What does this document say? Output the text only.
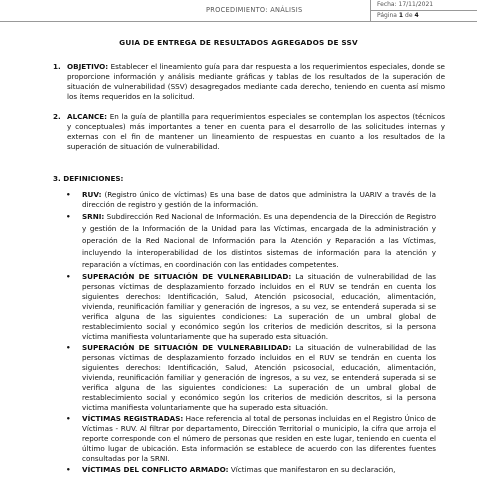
PROCEDIMIENTO: ANÁLISIS
Fecha: 17/11/2021
Página 1 de 4
GUIA DE ENTREGA DE RESULTADOS AGREGADOS DE SSV
1. OBJETIVO: Establecer el lineamiento guía para dar respuesta a los requerimientos especiales, donde se proporcione información y análisis mediante gráficas y tablas de los resultados de la superación de situación de vulnerabilidad (SSV) desagregados mediante cada derecho, teniendo en cuenta así mismo los ítems requeridos en la solicitud.
2. ALCANCE: En la guía de plantilla para requerimientos especiales se contemplan los aspectos (técnicos y conceptuales) más importantes a tener en cuenta para el desarrollo de las solicitudes internas y externas con el fin de mantener un lineamiento de respuestas en cuanto a los resultados de la superación de situación de vulnerabilidad.
3. DEFINICIONES:
• RUV: (Registro único de víctimas) Es una base de datos que administra la UARIV a través de la dirección de registro y gestión de la información.
• SRNI: Subdirección Red Nacional de Información. Es una dependencia de la Dirección de Registro y gestión de la Información de la Unidad para las Víctimas, encargada de la administración y operación de la Red Nacional de Información para la Atención y Reparación a las Víctimas, incluyendo la interoperabilidad de los distintos sistemas de información para la atención y reparación a víctimas, en coordinación con las entidades competentes.
• SUPERACIÓN DE SITUACIÓN DE VULNERABILIDAD: La situación de vulnerabilidad de las personas víctimas de desplazamiento forzado incluidos en el RUV se tendrán en cuenta los siguientes derechos: Identificación, Salud, Atención psicosocial, educación, alimentación, vivienda, reunificación familiar y generación de ingresos, a su vez, se entenderá superada si se verifica alguna de las siguientes condiciones: La superación de un umbral global de restablecimiento social y económico según los criterios de medición descritos, si la persona víctima manifiesta voluntariamente que ha superado esta situación.
• SUPERACIÓN DE SITUACIÓN DE VULNERABILIDAD: La situación de vulnerabilidad de las personas víctimas de desplazamiento forzado incluidos en el RUV se tendrán en cuenta los siguientes derechos: Identificación, Salud, Atención psicosocial, educación, alimentación, vivienda, reunificación familiar y generación de ingresos, a su vez, se entenderá superada si se verifica alguna de las siguientes condiciones: La superación de un umbral global de restablecimiento social y económico según los criterios de medición descritos, si la persona victima manifiesta voluntariamente que ha superado esta situación.
• VÍCTIMAS REGISTRADAS: Hace referencia al total de personas incluidas en el Registro Único de Víctimas - RUV. Al filtrar por departamento, Dirección Territorial o municipio, la cifra que arroja el reporte corresponde con el número de personas que residen en este lugar, teniendo en cuenta el último lugar de ubicación. Esta información se establece de acuerdo con las diferentes fuentes consultadas por la SRNI.
• VÍCTIMAS DEL CONFLICTO ARMADO: Víctimas que manifestaron en su declaración,
